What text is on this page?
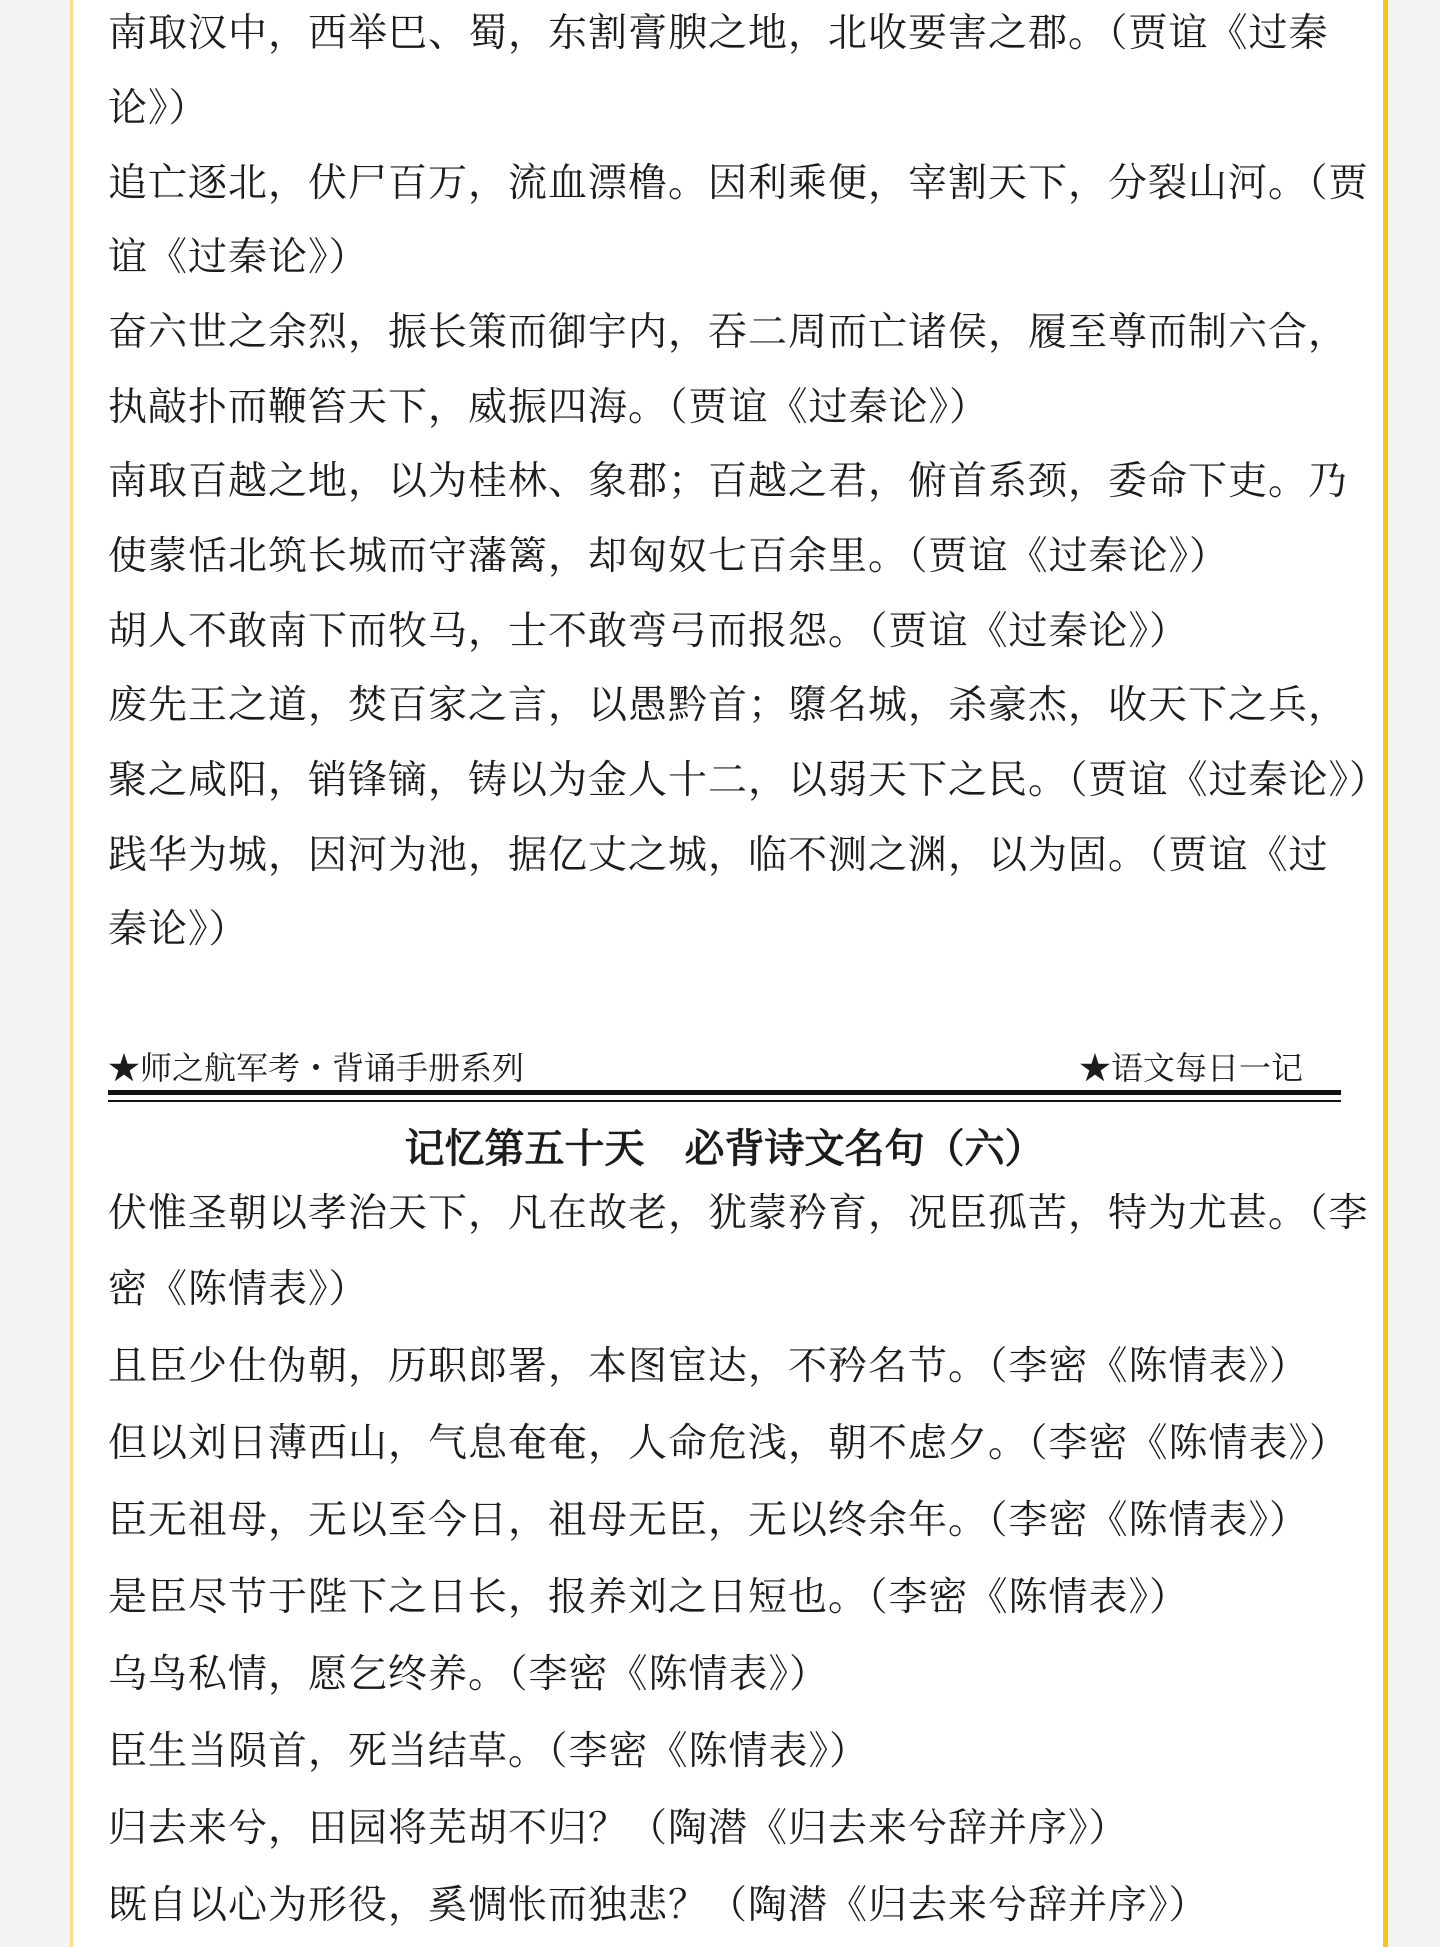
南取汉中，西举巴、蜀，东割膏腴之地，北收要害之郡。（贾谊《过秦
论》）
追亡逐北，伏尸百万，流血漂橹。因利乘便，宰割天下，分裂山河。（贾
谊《过秦论》）
奋六世之余烈，振长策而御宇内，吞二周而亡诸侯，履至尊而制六合，
执敲扑而鞭笞天下，威振四海。（贾谊《过秦论》）
南取百越之地，以为桂林、象郡；百越之君，俯首系颈，委命下吏。乃
使蒙恬北筑长城而守藩篱，却匈奴七百余里。（贾谊《过秦论》）
胡人不敢南下而牧马，士不敢弯弓而报怨。（贾谊《过秦论》）
废先王之道，焚百家之言，以愚黔首；隳名城，杀豪杰，收天下之兵，
聚之咸阳，销锋镝，铸以为金人十二，以弱天下之民。（贾谊《过秦论》）
践华为城，因河为池，据亿丈之城，临不测之渊，以为固。（贾谊《过
秦论》）
★师之航军考・背诵手册系列	★语文每日一记
记忆第五十天　必背诗文名句（六）
伏惟圣朝以孝治天下，凡在故老，犹蒙矜育，况臣孤苦，特为尤甚。（李
密《陈情表》）
且臣少仕伪朝，历职郎署，本图宦达，不矜名节。（李密《陈情表》）
但以刘日薄西山，气息奄奄，人命危浅，朝不虑夕。（李密《陈情表》）
臣无祖母，无以至今日，祖母无臣，无以终余年。（李密《陈情表》）
是臣尽节于陛下之日长，报养刘之日短也。（李密《陈情表》）
乌鸟私情，愿乞终养。（李密《陈情表》）
臣生当陨首，死当结草。（李密《陈情表》）
归去来兮，田园将芜胡不归？（陶潜《归去来兮辞并序》）
既自以心为形役，奚惆怅而独悲？（陶潜《归去来兮辞并序》）
